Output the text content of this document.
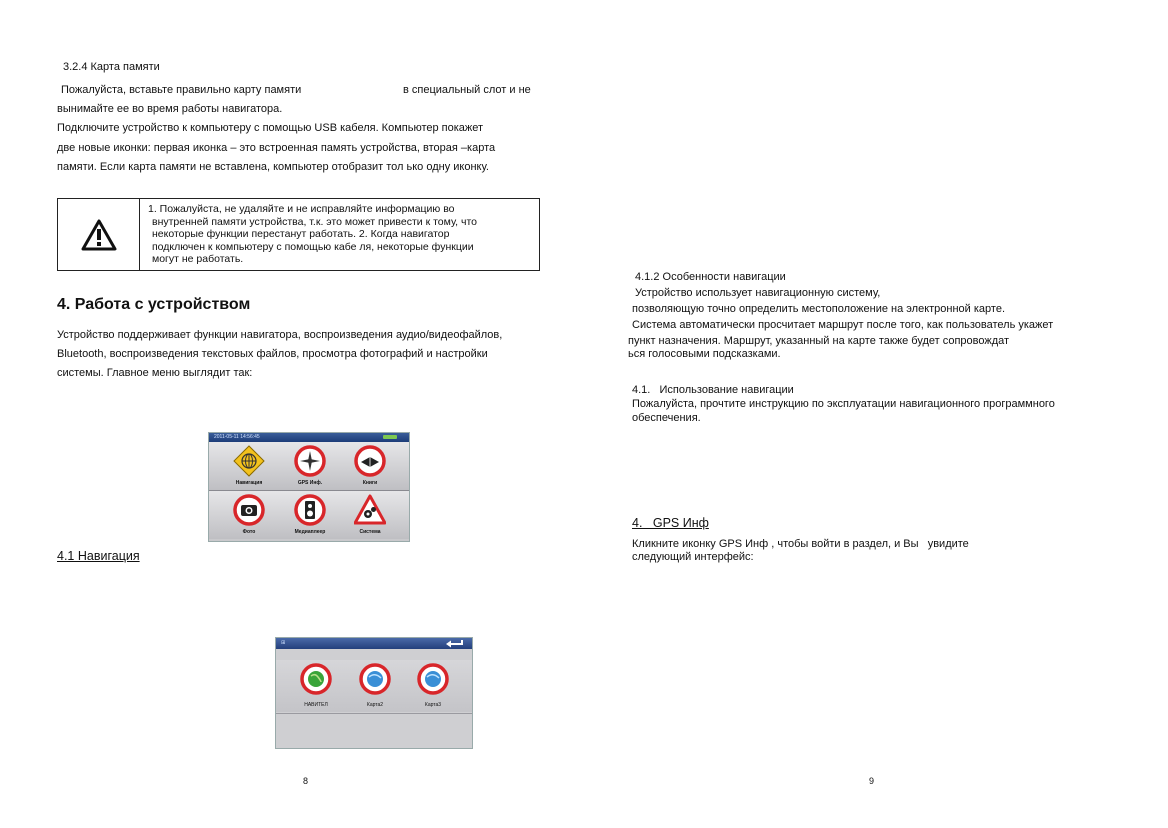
3.2.4 Карта памяти
Пожалуйста, вставьте правильно карту памяти	в специальный слот и не
вынимайте ее во время работы навигатора.
Подключите устройство к компьютеру с помощью USB кабеля. Компьютер покажет
две новые иконки: первая иконка – это встроенная память устройства, вторая –карта
памяти. Если карта памяти не вставлена, компьютер отобразит тол ько одну иконку.
1. Пожалуйста, не удаляйте и не исправляйте информацию во
внутренней памяти устройства, т.к. это может привести к тому, что
некоторые функции перестанут работать. 2. Когда навигатор
подключен к компьютеру с помощью кабе ля, некоторые функции
могут не работать.
4. Работа с устройством
Устройство поддерживает функции навигатора, воспроизведения аудио/видеофайлов,
Bluetooth, воспроизведения текстовых файлов, просмотра фотографий и настройки
системы. Главное меню выглядит так:
2011-05-11 14:56:45
Навигация	GPS Инф.	Книги
Фото	Медиаплеер	Система
4.1 Навигация
⊞
НАВИТЕЛ	Карта2	Карта3
8
4.1.2 Особенности навигации
Устройство использует навигационную систему,
позволяющую точно определить местоположение на электронной карте.
Система автоматически просчитает маршрут после того, как пользователь укажет
пункт назначения. Маршрут, указанный на карте также будет сопровождат
ься голосовыми подсказками.
4.1.   Использование навигации
Пожалуйста, прочтите инструкцию по эксплуатации навигационного программного
обеспечения.
4.   GPS Инф
Кликните иконку GPS Инф , чтобы войти в раздел, и Вы   увидите
следующий интерфейс:
9
